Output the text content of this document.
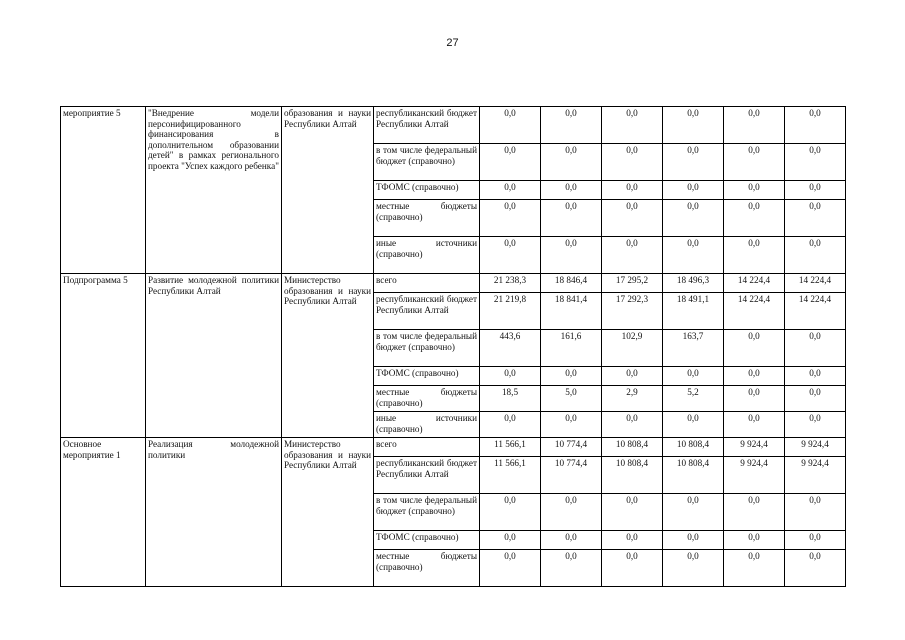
27
мероприятие 5	"Внедрение модели персонифицированного финансирования в дополнительном образовании детей" в рамках регионального проекта "Успех каждого ребенка"	образования и науки Республики Алтай	республиканский бюджет Республики Алтай	0,0	0,0	0,0	0,0	0,0	0,0
			в том числе федеральный бюджет (справочно)	0,0	0,0	0,0	0,0	0,0	0,0
			ТФОМС (справочно)	0,0	0,0	0,0	0,0	0,0	0,0
			местные бюджеты (справочно)	0,0	0,0	0,0	0,0	0,0	0,0
			иные источники (справочно)	0,0	0,0	0,0	0,0	0,0	0,0
Подпрограмма 5	Развитие молодежной политики Республики Алтай	Министерство образования и науки Республики Алтай	всего	21 238,3	18 846,4	17 295,2	18 496,3	14 224,4	14 224,4
			республиканский бюджет Республики Алтай	21 219,8	18 841,4	17 292,3	18 491,1	14 224,4	14 224,4
			в том числе федеральный бюджет (справочно)	443,6	161,6	102,9	163,7	0,0	0,0
			ТФОМС (справочно)	0,0	0,0	0,0	0,0	0,0	0,0
			местные бюджеты (справочно)	18,5	5,0	2,9	5,2	0,0	0,0
			иные источники (справочно)	0,0	0,0	0,0	0,0	0,0	0,0
Основное мероприятие 1	Реализация молодежной политики	Министерство образования и науки Республики Алтай	всего	11 566,1	10 774,4	10 808,4	10 808,4	9 924,4	9 924,4
			республиканский бюджет Республики Алтай	11 566,1	10 774,4	10 808,4	10 808,4	9 924,4	9 924,4
			в том числе федеральный бюджет (справочно)	0,0	0,0	0,0	0,0	0,0	0,0
			ТФОМС (справочно)	0,0	0,0	0,0	0,0	0,0	0,0
			местные бюджеты (справочно)	0,0	0,0	0,0	0,0	0,0	0,0
